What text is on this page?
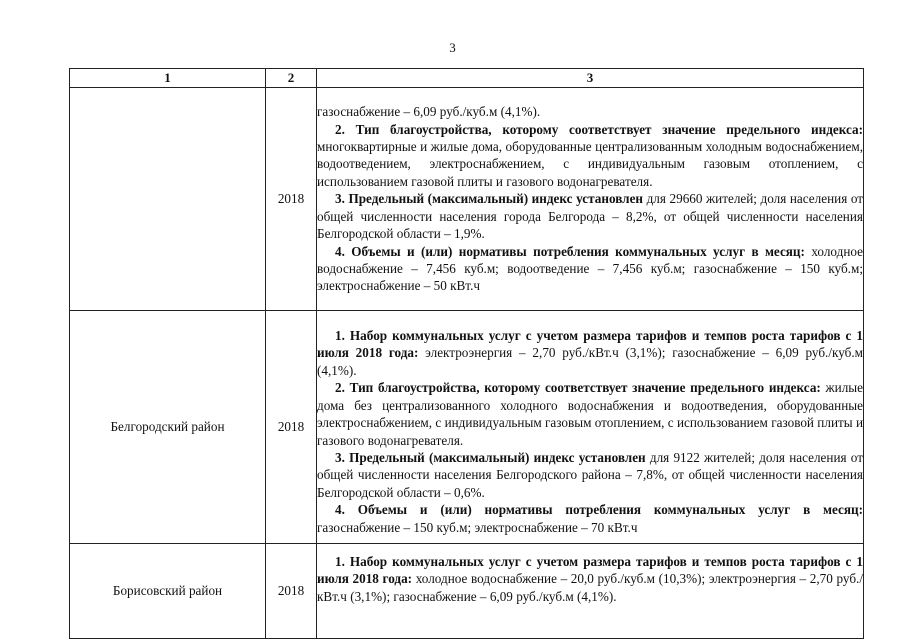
3
1	2	3
	2018	газоснабжение – 6,09 руб./куб.м (4,1%).

2. Тип благоустройства, которому соответствует значение предельного индекса: многоквартирные и жилые дома, оборудованные централизованным холодным водоснабжением, водоотведением, электроснабжением, с индивидуальным газовым отоплением, с использованием газовой плиты и газового водонагревателя.

3. Предельный (максимальный) индекс установлен для 29660 жителей; доля населения от общей численности населения города Белгорода – 8,2%, от общей численности населения Белгородской области – 1,9%.

4. Объемы и (или) нормативы потребления коммунальных услуг в месяц: холодное водоснабжение – 7,456 куб.м; водоотведение – 7,456 куб.м; газоснабжение – 150 куб.м; электроснабжение – 50 кВт.ч

Белгородский район	2018	1. Набор коммунальных услуг с учетом размера тарифов и темпов роста тарифов с 1 июля 2018 года: электроэнергия – 2,70 руб./кВт.ч (3,1%); газоснабжение – 6,09 руб./куб.м (4,1%).

2. Тип благоустройства, которому соответствует значение предельного индекса: жилые дома без централизованного холодного водоснабжения и водоотведения, оборудованные электроснабжением, с индивидуальным газовым отоплением, с использованием газовой плиты и газового водонагревателя.

3. Предельный (максимальный) индекс установлен для 9122 жителей; доля населения от общей численности населения Белгородского района – 7,8%, от общей численности населения Белгородской области – 0,6%.

4. Объемы и (или) нормативы потребления коммунальных услуг в месяц: газоснабжение – 150 куб.м; электроснабжение – 70 кВт.ч

Борисовский район	2018	1. Набор коммунальных услуг с учетом размера тарифов и темпов роста тарифов с 1 июля 2018 года: холодное водоснабжение – 20,0 руб./куб.м (10,3%); электроэнергия – 2,70 руб./кВт.ч (3,1%); газоснабжение – 6,09 руб./куб.м (4,1%).
